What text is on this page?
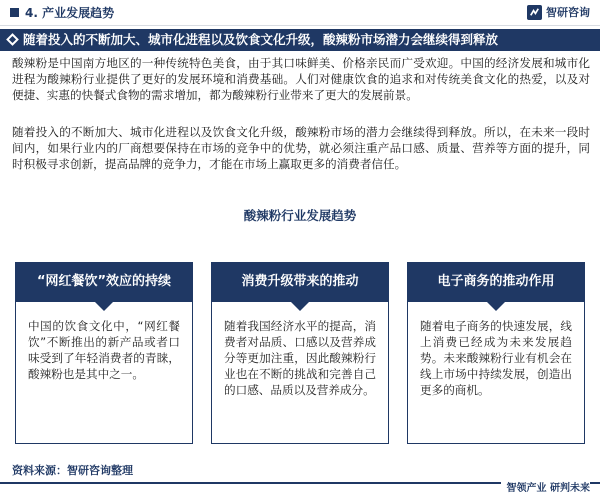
4. 产业发展趋势	智研咨询
随着投入的不断加大、城市化进程以及饮食文化升级，酸辣粉市场潜力会继续得到释放

酸辣粉是中国南方地区的一种传统特色美食，由于其口味鲜美、价格亲民而广受欢迎。中国的经济发展和城市化进程为酸辣粉行业提供了更好的发展环境和消费基础。人们对健康饮食的追求和对传统美食文化的热爱，以及对便捷、实惠的快餐式食物的需求增加，都为酸辣粉行业带来了更大的发展前景。

随着投入的不断加大、城市化进程以及饮食文化升级，酸辣粉市场的潜力会继续得到释放。所以，在未来一段时间内，如果行业内的厂商想要保持在市场的竞争中的优势，就必须注重产品口感、质量、营养等方面的提升，同时积极寻求创新，提高品牌的竞争力，才能在市场上赢取更多的消费者信任。

酸辣粉行业发展趋势
“网红餐饮”效应的持续
中国的饮食文化中，“网红餐饮”不断推出的新产品或者口味受到了年轻消费者的青睐，酸辣粉也是其中之一。
消费升级带来的推动
随着我国经济水平的提高，消费者对品质、口感以及营养成分等更加注重，因此酸辣粉行业也在不断的挑战和完善自己的口感、品质以及营养成分。
电子商务的推动作用
随着电子商务的快速发展，线上消费已经成为未来发展趋势。未来酸辣粉行业有机会在线上市场中持续发展，创造出更多的商机。
资料来源：智研咨询整理
智领产业 研判未来
